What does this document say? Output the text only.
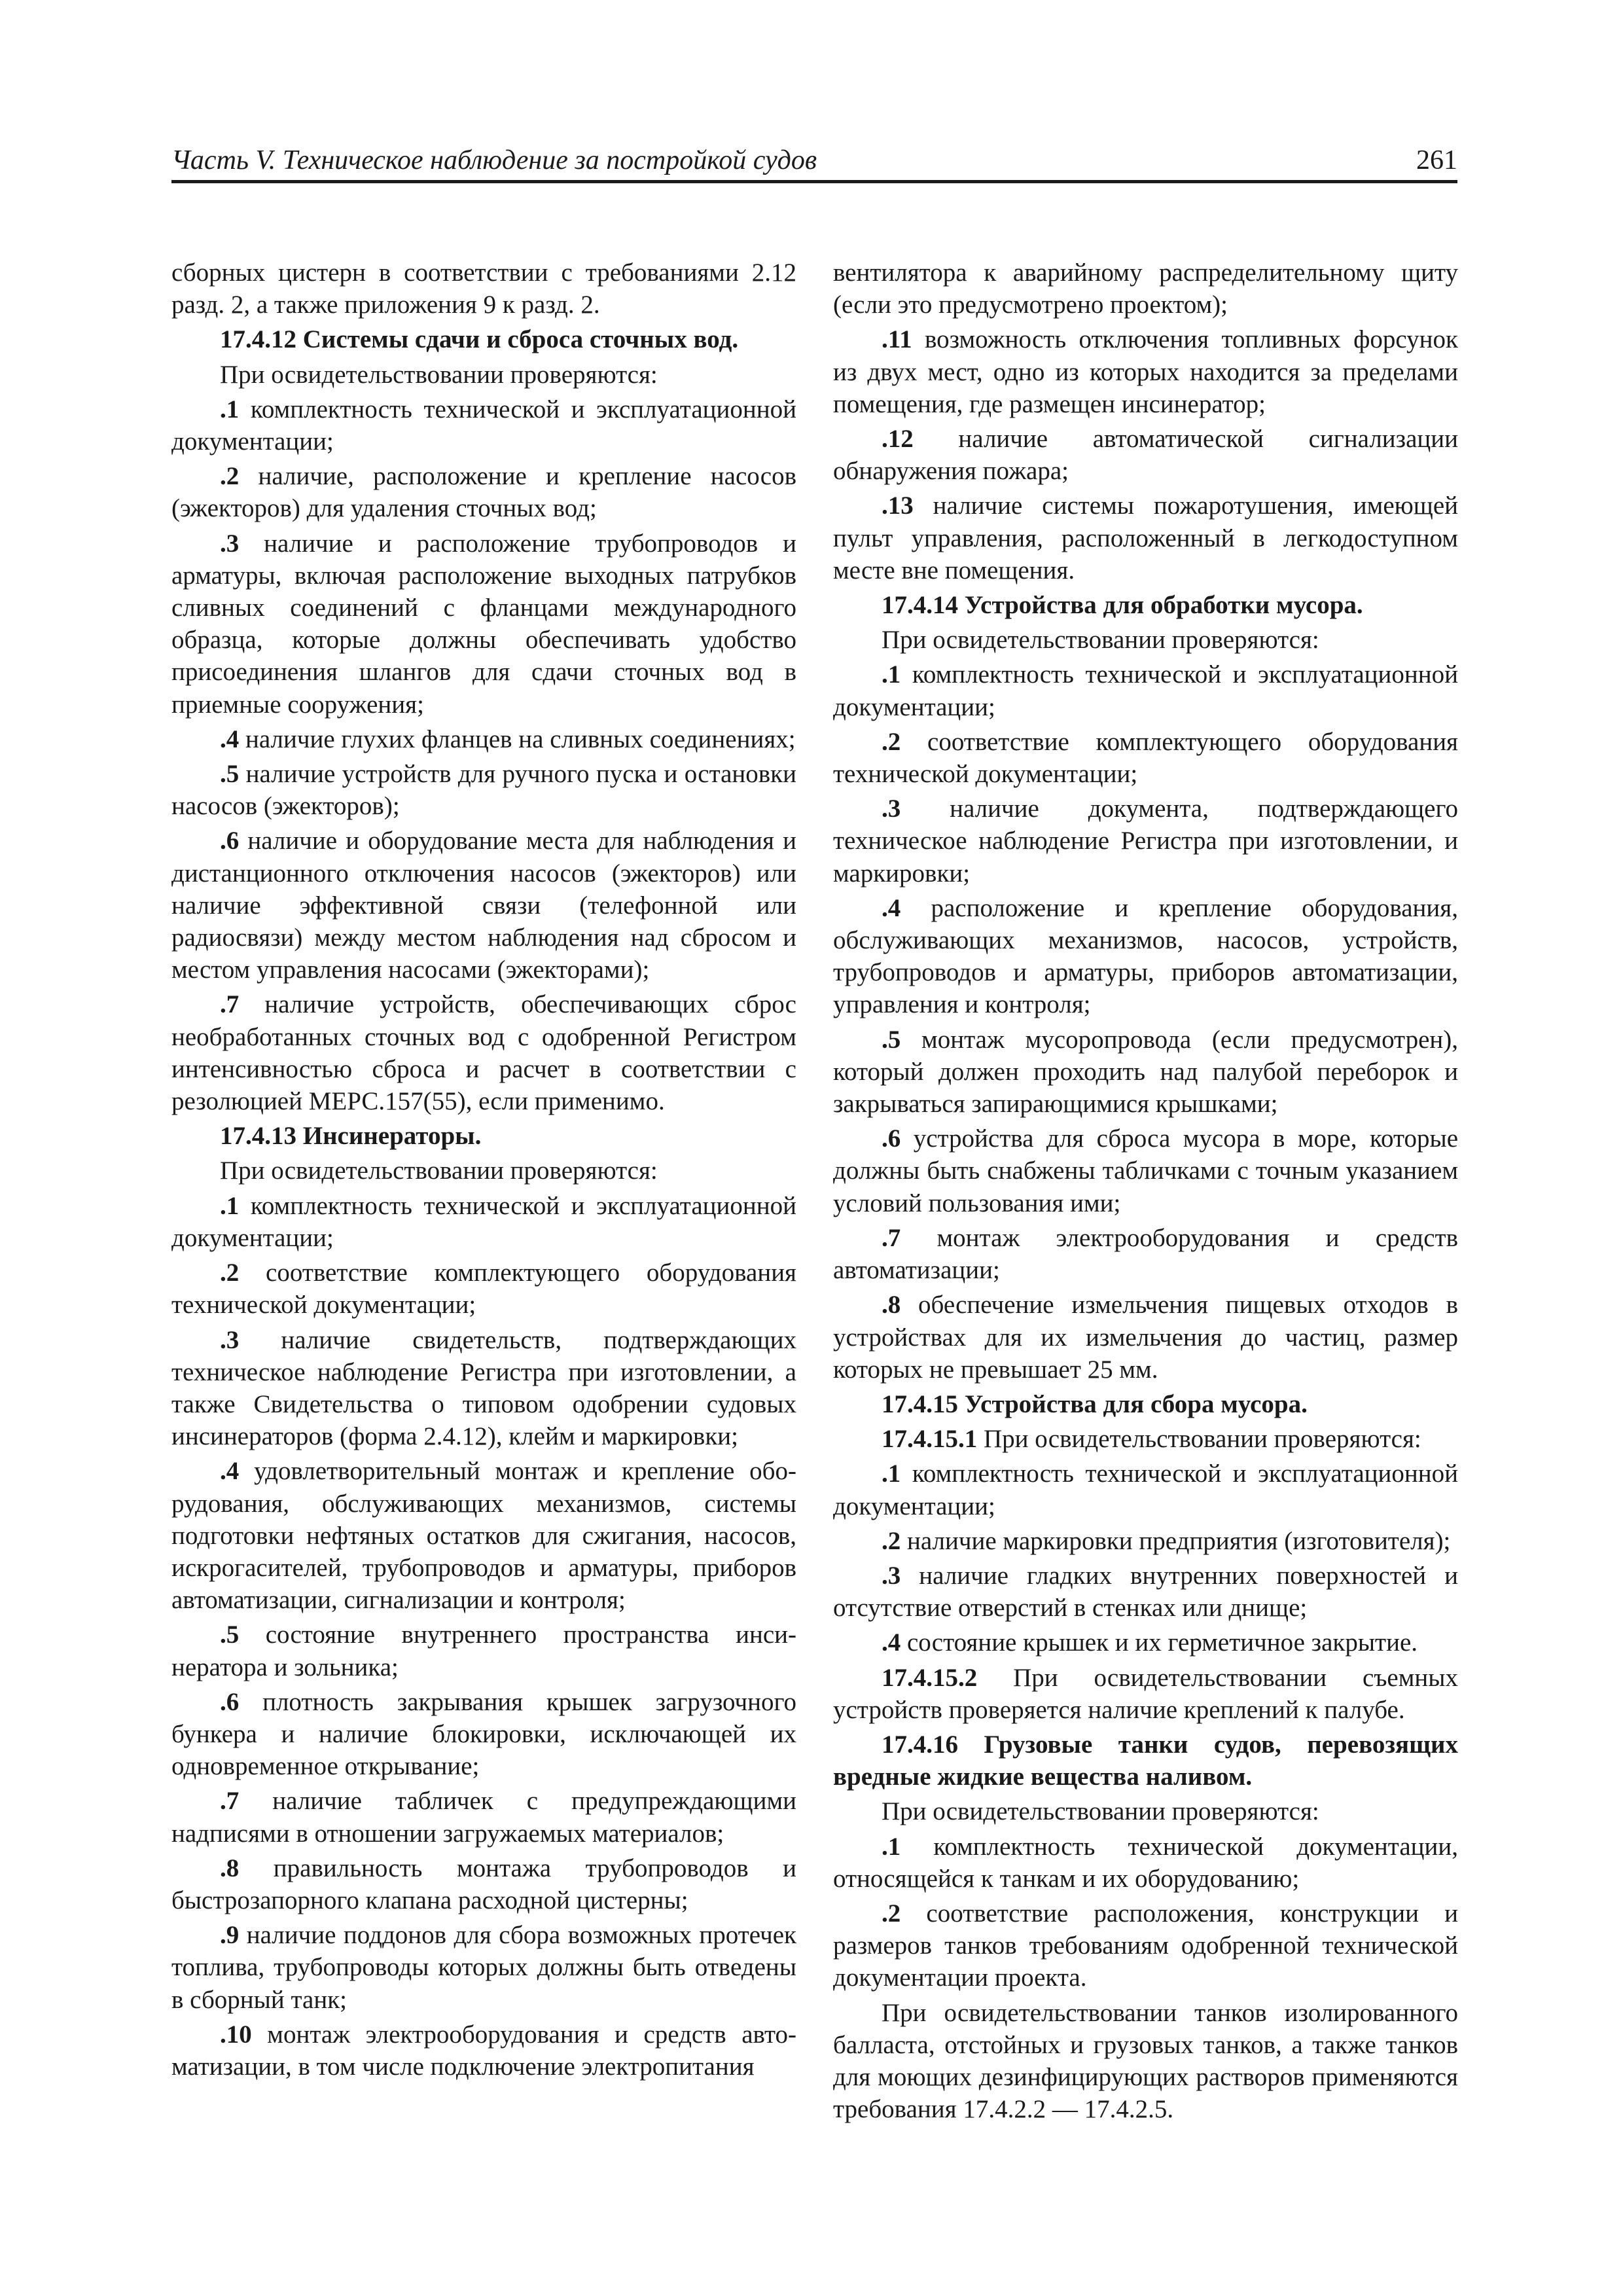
Часть V. Техническое наблюдение за постройкой судов	261

сборных цистерн в соответствии с требованиями 2.12 разд. 2, а также приложения 9 к разд. 2.

17.4.12 Системы сдачи и сброса сточных вод.

При освидетельствовании проверяются:

.1 комплектность технической и эксплуатационной документации;

.2 наличие, расположение и крепление насосов (эжекторов) для удаления сточных вод;

.3 наличие и расположение трубопроводов и арматуры, включая расположение выходных патрубков сливных соединений с фланцами международного образца, которые должны обеспечивать удобство присоединения шлангов для сдачи сточных вод в приемные сооружения;

.4 наличие глухих фланцев на сливных соединениях;

.5 наличие устройств для ручного пуска и остановки насосов (эжекторов);

.6 наличие и оборудование места для наблюдения и дистанционного отключения насосов (эжекторов) или наличие эффективной связи (телефонной или радиосвязи) между местом наблюдения над сбросом и местом управления насосами (эжекторами);

.7 наличие устройств, обеспечивающих сброс необработанных сточных вод с одобренной Регистром интенсивностью сброса и расчет в соответствии с резолюцией МЕРС.157(55), если применимо.

17.4.13 Инсинераторы.

При освидетельствовании проверяются:

.1 комплектность технической и эксплуатационной документации;

.2 соответствие комплектующего оборудования технической документации;

.3 наличие свидетельств, подтверждающих техническое наблюдение Регистра при изготовлении, а также Свидетельства о типовом одобрении судовых инсинераторов (форма 2.4.12), клейм и маркировки;

.4 удовлетворительный монтаж и крепление оборудования, обслуживающих механизмов, системы подготовки нефтяных остатков для сжигания, насосов, искрогасителей, трубопроводов и арматуры, приборов автоматизации, сигнализации и контроля;

.5 состояние внутреннего пространства инсинератора и зольника;

.6 плотность закрывания крышек загрузочного бункера и наличие блокировки, исключающей их одновременное открывание;

.7 наличие табличек с предупреждающими надписями в отношении загружаемых материалов;

.8 правильность монтажа трубопроводов и быстрозапорного клапана расходной цистерны;

.9 наличие поддонов для сбора возможных протечек топлива, трубопроводы которых должны быть отведены в сборный танк;

.10 монтаж электрооборудования и средств автоматизации, в том числе подключение электропитания

вентилятора к аварийному распределительному щиту (если это предусмотрено проектом);

.11 возможность отключения топливных форсунок из двух мест, одно из которых находится за пределами помещения, где размещен инсинератор;

.12 наличие автоматической сигнализации обнаружения пожара;

.13 наличие системы пожаротушения, имеющей пульт управления, расположенный в легкодоступном месте вне помещения.

17.4.14 Устройства для обработки мусора.

При освидетельствовании проверяются:

.1 комплектность технической и эксплуатационной документации;

.2 соответствие комплектующего оборудования технической документации;

.3 наличие документа, подтверждающего техническое наблюдение Регистра при изготовлении, и маркировки;

.4 расположение и крепление оборудования, обслуживающих механизмов, насосов, устройств, трубопроводов и арматуры, приборов автоматизации, управления и контроля;

.5 монтаж мусоропровода (если предусмотрен), который должен проходить над палубой переборок и закрываться запирающимися крышками;

.6 устройства для сброса мусора в море, которые должны быть снабжены табличками с точным указанием условий пользования ими;

.7 монтаж электрооборудования и средств автоматизации;

.8 обеспечение измельчения пищевых отходов в устройствах для их измельчения до частиц, размер которых не превышает 25 мм.

17.4.15 Устройства для сбора мусора.

17.4.15.1 При освидетельствовании проверяются:

.1 комплектность технической и эксплуатационной документации;

.2 наличие маркировки предприятия (изготовителя);

.3 наличие гладких внутренних поверхностей и отсутствие отверстий в стенках или днище;

.4 состояние крышек и их герметичное закрытие.

17.4.15.2 При освидетельствовании съемных устройств проверяется наличие креплений к палубе.

17.4.16 Грузовые танки судов, перевозящих вредные жидкие вещества наливом.

При освидетельствовании проверяются:

.1 комплектность технической документации, относящейся к танкам и их оборудованию;

.2 соответствие расположения, конструкции и размеров танков требованиям одобренной технической документации проекта.

При освидетельствовании танков изолированного балласта, отстойных и грузовых танков, а также танков для моющих дезинфицирующих растворов применяются требования 17.4.2.2 — 17.4.2.5.
